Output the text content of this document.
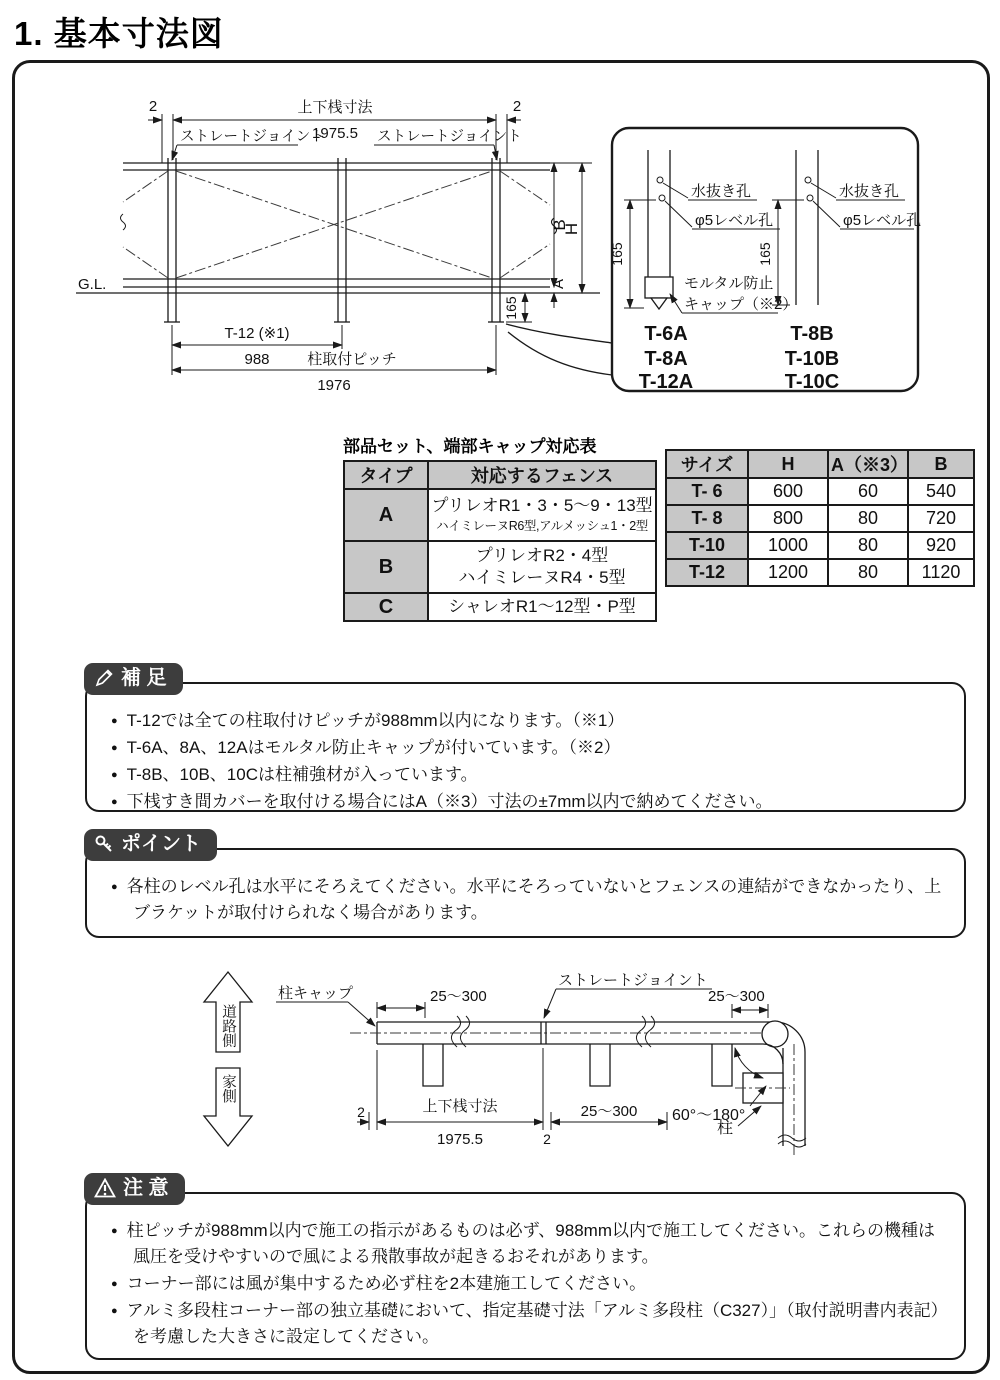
1. 基本寸法図
G.L.
2	2
上下桟寸法
1975.5
ストレートジョイント	ストレートジョイント
B
H
A
165
T-12 (※1)
988	柱取付ピッチ
1976
水抜き孔
φ5レベル孔
165
モルタル防止
キャップ（※2）
T-6A
T-8A
T-12A
水抜き孔
φ5レベル孔
165
T-8B
T-10B
T-10C
部品セット、端部キャップ対応表
タイプ	対応するフェンス
A	プリレオR1・3・5〜9・13型
ハイミレーヌR6型,アルメッシュ1・2型

B	プリレオR2・4型
ハイミレーヌR4・5型

C	シャレオR1〜12型・P型
サイズ	H	A（※3）	B
T- 6	600	60	540
T- 8	800	80	720
T-10	1000	80	920
T-12	1200	80	1120
補 足
● T-12では全ての柱取付けピッチが988mm以内になります。（※1）
● T-6A、8A、12Aはモルタル防止キャップが付いています。（※2）
● T-8B、10B、10Cは柱補強材が入っています。
● 下桟すき間カバーを取付ける場合にはA（※3）寸法の±7mm以内で納めてください。
ポイント
● 各柱のレベル孔は水平にそろえてください。水平にそろっていないとフェンスの連結ができなかったり、上ブラケットが取付けられなく場合があります。
道路側
家側
柱キャップ	25〜300
ストレートジョイント
25〜300
2	上下桟寸法
1975.5	2
25〜300 60°〜180°
柱
注 意
● 柱ピッチが988mm以内で施工の指示があるものは必ず、988mm以内で施工してください。これらの機種は風圧を受けやすいので風による飛散事故が起きるおそれがあります。
● コーナー部には風が集中するため必ず柱を2本建施工してください。
● アルミ多段柱コーナー部の独立基礎において、指定基礎寸法「アルミ多段柱（C327）」（取付説明書内表記）を考慮した大きさに設定してください。
